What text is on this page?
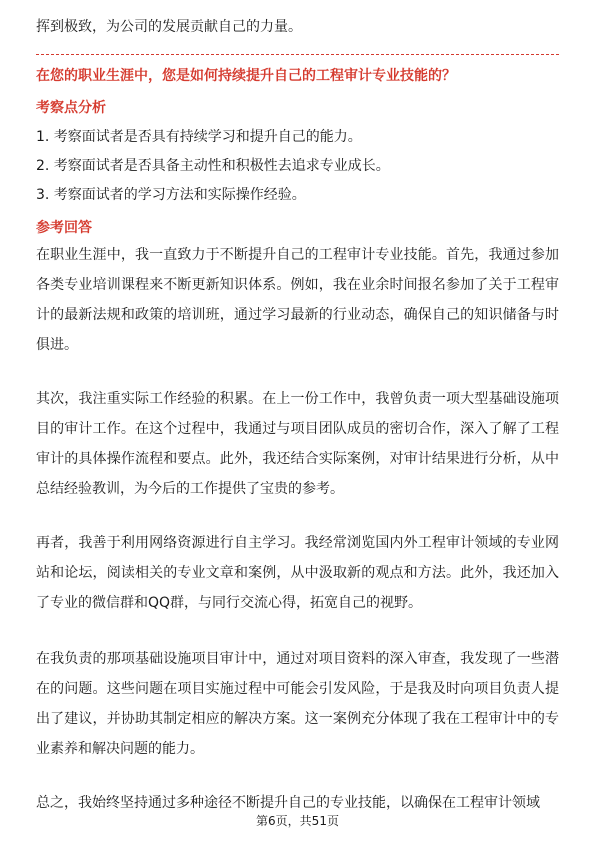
挥到极致，为公司的发展贡献自己的力量。
在您的职业生涯中，您是如何持续提升自己的工程审计专业技能的？
考察点分析
1. 考察面试者是否具有持续学习和提升自己的能力。
2. 考察面试者是否具备主动性和积极性去追求专业成长。
3. 考察面试者的学习方法和实际操作经验。
参考回答
在职业生涯中，我一直致力于不断提升自己的工程审计专业技能。首先，我通过参加各类专业培训课程来不断更新知识体系。例如，我在业余时间报名参加了关于工程审计的最新法规和政策的培训班，通过学习最新的行业动态，确保自己的知识储备与时俱进。
其次，我注重实际工作经验的积累。在上一份工作中，我曾负责一项大型基础设施项目的审计工作。在这个过程中，我通过与项目团队成员的密切合作，深入了解了工程审计的具体操作流程和要点。此外，我还结合实际案例，对审计结果进行分析，从中总结经验教训，为今后的工作提供了宝贵的参考。
再者，我善于利用网络资源进行自主学习。我经常浏览国内外工程审计领域的专业网站和论坛，阅读相关的专业文章和案例，从中汲取新的观点和方法。此外，我还加入了专业的微信群和QQ群，与同行交流心得，拓宽自己的视野。
在我负责的那项基础设施项目审计中，通过对项目资料的深入审查，我发现了一些潜在的问题。这些问题在项目实施过程中可能会引发风险，于是我及时向项目负责人提出了建议，并协助其制定相应的解决方案。这一案例充分体现了我在工程审计中的专业素养和解决问题的能力。
总之，我始终坚持通过多种途径不断提升自己的专业技能，以确保在工程审计领域
第6页，共51页
